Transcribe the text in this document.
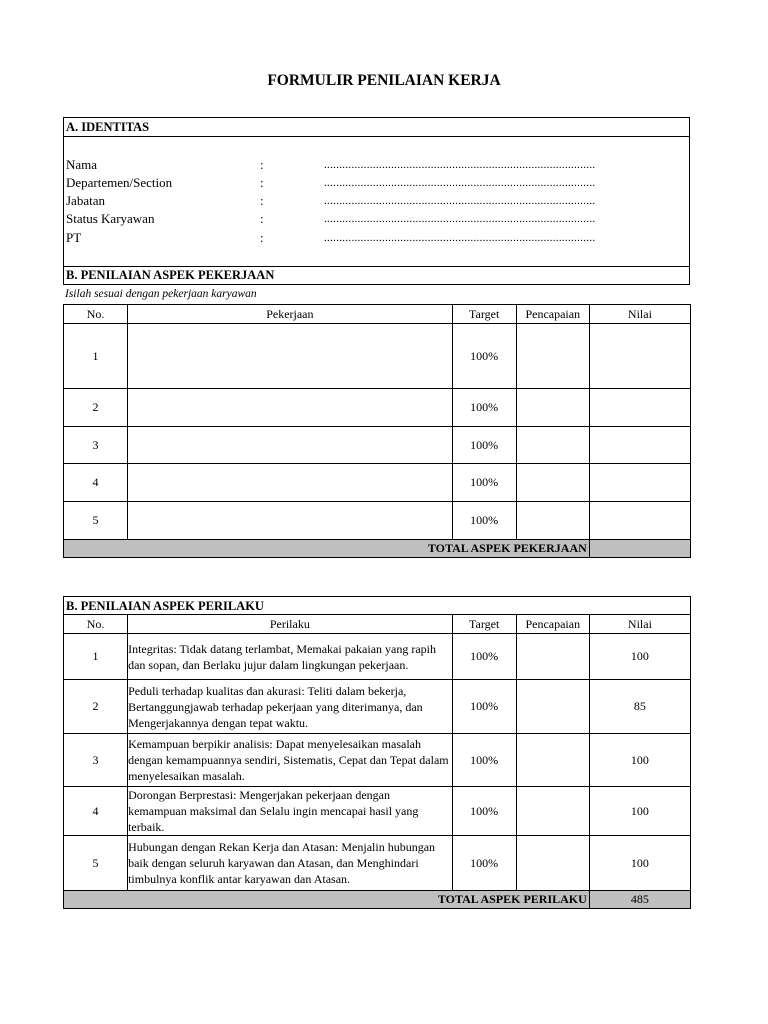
FORMULIR PENILAIAN KERJA
A. IDENTITAS
Nama	:	.........................................................................................
Departemen/Section	:	.........................................................................................
Jabatan	:	.........................................................................................
Status Karyawan	:	.........................................................................................
PT	:	.........................................................................................
B. PENILAIAN ASPEK PEKERJAAN
Isilah sesuai dengan pekerjaan karyawan
No.	Pekerjaan	Target	Pencapaian	Nilai
1		100%		
2		100%		
3		100%		
4		100%		
5		100%		
TOTAL ASPEK PEKERJAAN				
B. PENILAIAN ASPEK PERILAKU
No.	Perilaku	Target	Pencapaian	Nilai
1	Integritas: Tidak datang terlambat, Memakai pakaian yang rapih dan sopan, dan Berlaku jujur dalam lingkungan pekerjaan.	100%		100
2	Peduli terhadap kualitas dan akurasi: Teliti dalam bekerja, Bertanggungjawab terhadap pekerjaan yang diterimanya, dan Mengerjakannya dengan tepat waktu.	100%		85
3	Kemampuan berpikir analisis: Dapat menyelesaikan masalah dengan kemampuannya sendiri, Sistematis, Cepat dan Tepat dalam menyelesaikan masalah.	100%		100
4	Dorongan Berprestasi: Mengerjakan pekerjaan dengan kemampuan maksimal dan Selalu ingin mencapai hasil yang terbaik.	100%		100
5	Hubungan dengan Rekan Kerja dan Atasan: Menjalin hubungan baik dengan seluruh karyawan dan Atasan, dan Menghindari timbulnya konflik antar karyawan dan Atasan.	100%		100
TOTAL ASPEK PERILAKU				485
